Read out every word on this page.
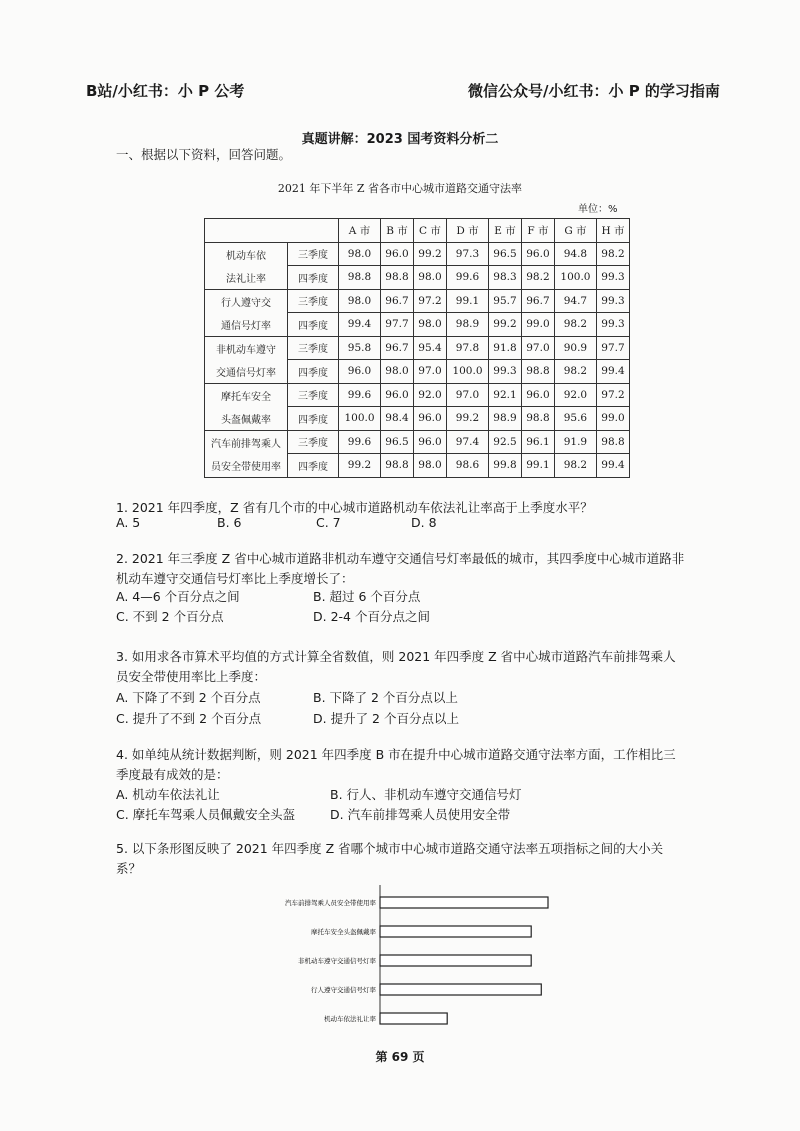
B站/小红书：小 P 公考	微信公众号/小红书：小 P 的学习指南
真题讲解：2023 国考资料分析二
一、根据以下资料，回答问题。
2021 年下半年 Z 省各市中心城市道路交通守法率
单位：%
		A 市	B 市	C 市	D 市	E 市	F 市	G 市	H 市
机动车依	三季度	98.0	96.0	99.2	97.3	96.5	96.0	94.8	98.2
法礼让率	四季度	98.8	98.8	98.0	99.6	98.3	98.2	100.0	99.3
行人遵守交	三季度	98.0	96.7	97.2	99.1	95.7	96.7	94.7	99.3
通信号灯率	四季度	99.4	97.7	98.0	98.9	99.2	99.0	98.2	99.3
非机动车遵守	三季度	95.8	96.7	95.4	97.8	91.8	97.0	90.9	97.7
交通信号灯率	四季度	96.0	98.0	97.0	100.0	99.3	98.8	98.2	99.4
摩托车安全	三季度	99.6	96.0	92.0	97.0	92.1	96.0	92.0	97.2
头盔佩戴率	四季度	100.0	98.4	96.0	99.2	98.9	98.8	95.6	99.0
汽车前排驾乘人	三季度	99.6	96.5	96.0	97.4	92.5	96.1	91.9	98.8
员安全带使用率	四季度	99.2	98.8	98.0	98.6	99.8	99.1	98.2	99.4
1. 2021 年四季度，Z 省有几个市的中心城市道路机动车依法礼让率高于上季度水平？
A. 5	B. 6	C. 7	D. 8
2. 2021 年三季度 Z 省中心城市道路非机动车遵守交通信号灯率最低的城市，其四季度中心城市道路非
机动车遵守交通信号灯率比上季度增长了：
A. 4—6 个百分点之间	B. 超过 6 个百分点
C. 不到 2 个百分点	D. 2-4 个百分点之间
3. 如用求各市算术平均值的方式计算全省数值，则 2021 年四季度 Z 省中心城市道路汽车前排驾乘人
员安全带使用率比上季度：
A. 下降了不到 2 个百分点	B. 下降了 2 个百分点以上
C. 提升了不到 2 个百分点	D. 提升了 2 个百分点以上
4. 如单纯从统计数据判断，则 2021 年四季度 B 市在提升中心城市道路交通守法率方面，工作相比三
季度最有成效的是：
A. 机动车依法礼让	B. 行人、非机动车遵守交通信号灯
C. 摩托车驾乘人员佩戴安全头盔	D. 汽车前排驾乘人员使用安全带
5. 以下条形图反映了 2021 年四季度 Z 省哪个城市中心城市道路交通守法率五项指标之间的大小关
系？
汽车前排驾乘人员安全带使用率
摩托车安全头盔佩戴率
非机动车遵守交通信号灯率
行人遵守交通信号灯率
机动车依法礼让率
第 69 页
